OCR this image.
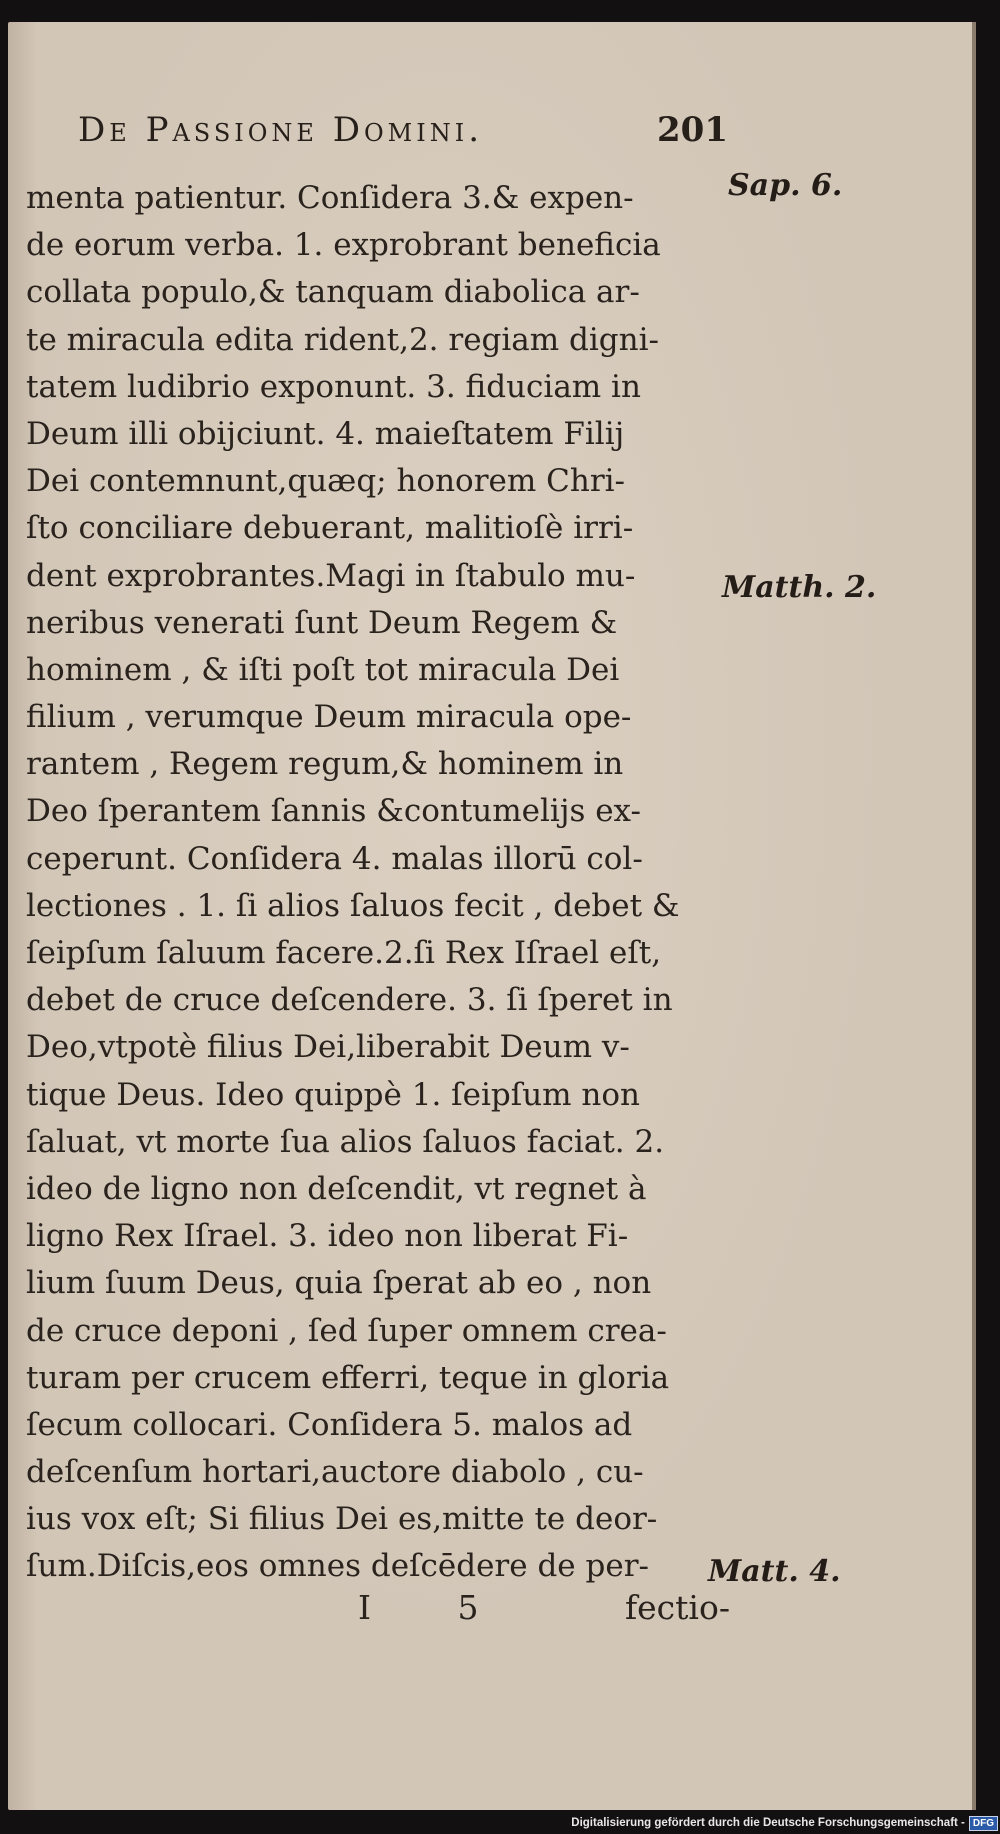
De Passione Domini.	201
menta patientur. Conſidera 3.& expen-
de eorum verba. 1. exprobrant beneficia
collata populo,& tanquam diabolica ar-
te miracula edita rident,2. regiam digni-
tatem ludibrio exponunt. 3. fiduciam in
Deum illi obijciunt. 4. maieſtatem Filij
Dei contemnunt,quæq; honorem Chri-
ſto conciliare debuerant, malitioſè irri-
dent exprobrantes.Magi in ſtabulo mu-
neribus venerati ſunt Deum Regem &
hominem , & iſti poſt tot miracula Dei
filium , verumque Deum miracula ope-
rantem , Regem regum,& hominem in
Deo ſperantem ſannis &contumelijs ex-
ceperunt. Conſidera 4. malas illorū col-
lectiones . 1. ſi alios ſaluos fecit , debet &
ſeipſum ſaluum facere.2.ſi Rex Iſrael eſt,
debet de cruce deſcendere. 3. ſi ſperet in
Deo,vtpotè filius Dei,liberabit Deum v-
tique Deus. Ideo quippè 1. ſeipſum non
ſaluat, vt morte ſua alios ſaluos faciat. 2.
ideo de ligno non deſcendit, vt regnet à
ligno Rex Iſrael. 3. ideo non liberat Fi-
lium ſuum Deus, quia ſperat ab eo , non
de cruce deponi , ſed ſuper omnem crea-
turam per crucem efferri, teque in gloria
ſecum collocari. Conſidera 5. malos ad
deſcenſum hortari,auctore diabolo , cu-
ius vox eſt; Si filius Dei es,mitte te deor-
ſum.Diſcis,eos omnes deſcēdere de per-
Sap. 6.
Matth. 2.
Matt. 4.
I 5	fectio-
Digitalisierung gefördert durch die Deutsche Forschungsgemeinschaft - DFG
